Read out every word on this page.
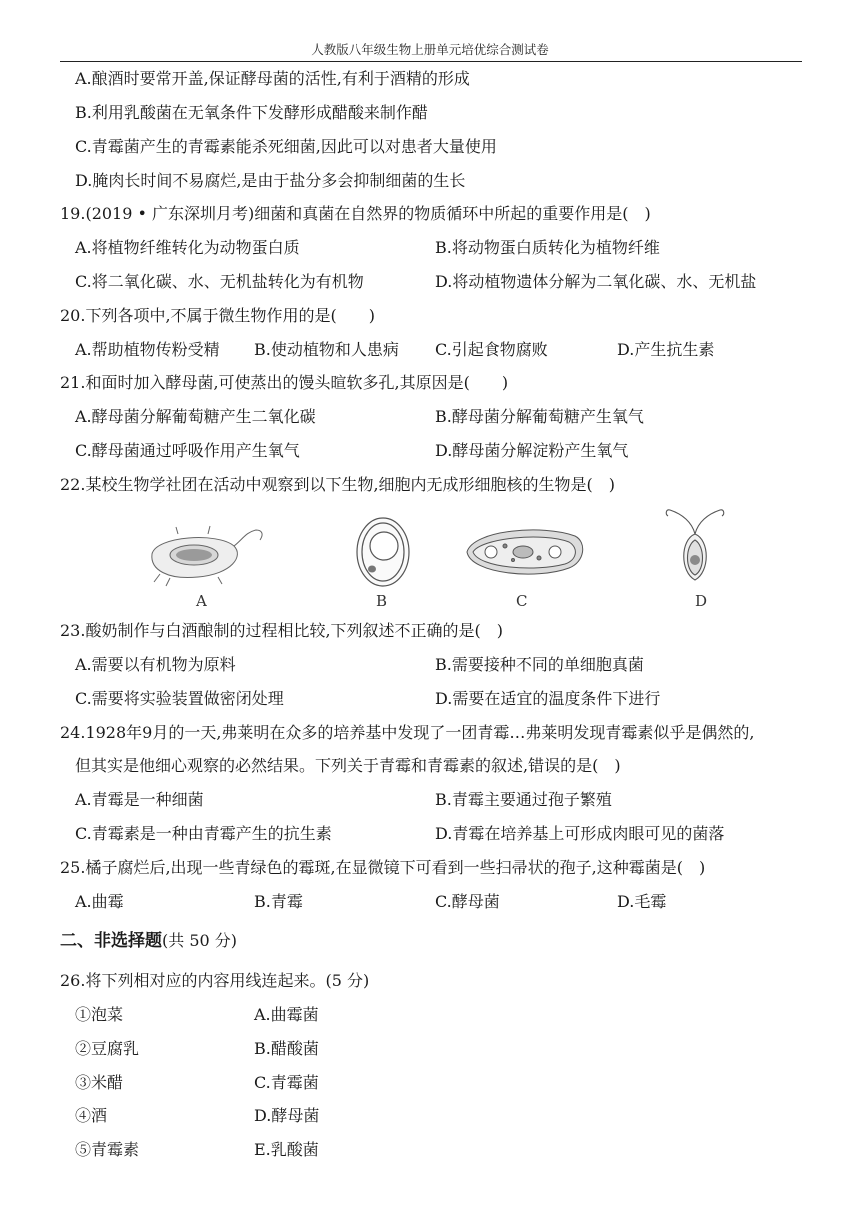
人教版八年级生物上册单元培优综合测试卷
A.酿酒时要常开盖,保证酵母菌的活性,有利于酒精的形成
B.利用乳酸菌在无氧条件下发酵形成醋酸来制作醋
C.青霉菌产生的青霉素能杀死细菌,因此可以对患者大量使用
D.腌肉长时间不易腐烂,是由于盐分多会抑制细菌的生长
19.(2019 • 广东深圳月考)细菌和真菌在自然界的物质循环中所起的重要作用是(　)
A.将植物纤维转化为动物蛋白质	B.将动物蛋白质转化为植物纤维
C.将二氧化碳、水、无机盐转化为有机物	D.将动植物遗体分解为二氧化碳、水、无机盐
20.下列各项中,不属于微生物作用的是(　　)
A.帮助植物传粉受精 B.使动植物和人患病 C.引起食物腐败	D.产生抗生素
21.和面时加入酵母菌,可使蒸出的馒头暄软多孔,其原因是(　　)
A.酵母菌分解葡萄糖产生二氧化碳	B.酵母菌分解葡萄糖产生氧气
C.酵母菌通过呼吸作用产生氧气	D.酵母菌分解淀粉产生氧气
22.某校生物学社团在活动中观察到以下生物,细胞内无成形细胞核的生物是(　)
A	B	C	D
23.酸奶制作与白酒酿制的过程相比较,下列叙述不正确的是(　)
A.需要以有机物为原料	B.需要接种不同的单细胞真菌
C.需要将实验装置做密闭处理	D.需要在适宜的温度条件下进行
24.1928年9月的一天,弗莱明在众多的培养基中发现了一团青霉…弗莱明发现青霉素似乎是偶然的,
但其实是他细心观察的必然结果。下列关于青霉和青霉素的叙述,错误的是(　)
A.青霉是一种细菌	B.青霉主要通过孢子繁殖
C.青霉素是一种由青霉产生的抗生素	D.青霉在培养基上可形成肉眼可见的菌落
25.橘子腐烂后,出现一些青绿色的霉斑,在显微镜下可看到一些扫帚状的孢子,这种霉菌是(　)
A.曲霉	B.青霉	C.酵母菌	D.毛霉
二、非选择题(共 50 分)
26.将下列相对应的内容用线连起来。(5 分)
①泡菜	A.曲霉菌
②豆腐乳	B.醋酸菌
③米醋	C.青霉菌
④酒	D.酵母菌
⑤青霉素	E.乳酸菌
